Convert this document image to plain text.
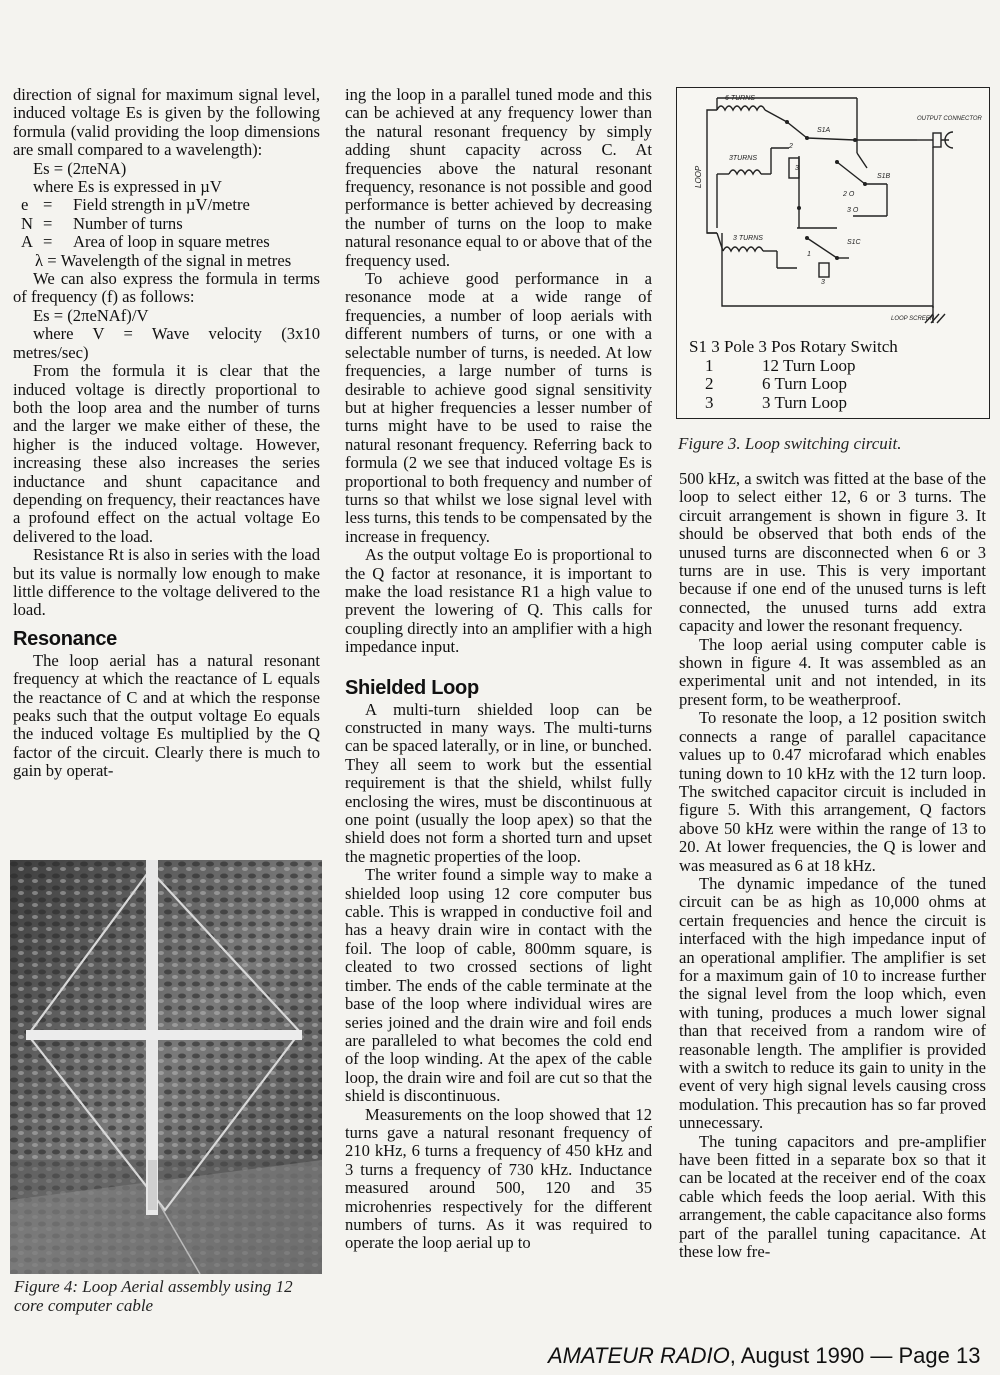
direction of signal for maximum signal level, induced voltage Es is given by the following formula (valid providing the loop dimensions are small compared to a wavelength):

Es = (2πeNA)

where Es is expressed in µV

e =	Field strength in µV/metre
N =	Number of turns
A =	Area of loop in square metres

λ = Wavelength of the signal in metres

We can also express the formula in terms of frequency (f) as follows:

Es = (2πeNAf)/V

where V = Wave velocity (3x10 metres/sec)

From the formula it is clear that the induced voltage is directly proportional to both the loop area and the number of turns and the larger we make either of these, the higher is the induced voltage. However, increasing these also increases the series inductance and shunt capacitance and depending on frequency, their reactances have a profound effect on the actual voltage Eo delivered to the load.

Resistance Rt is also in series with the load but its value is normally low enough to make little difference to the voltage delivered to the load.

Resonance

The loop aerial has a natural resonant frequency at which the reactance of L equals the reactance of C and at which the response peaks such that the output voltage Eo equals the induced voltage Es multiplied by the Q factor of the circuit. Clearly there is much to gain by operat-

Figure 4: Loop Aerial assembly using 12 core computer cable

ing the loop in a parallel tuned mode and this can be achieved at any frequency lower than the natural resonant frequency by simply adding shunt capacity across C. At frequencies above the natural resonant frequency, resonance is not possible and good performance is better achieved by decreasing the number of turns on the loop to make natural resonance equal to or above that of the frequency used.

To achieve good performance in a resonance mode at a wide range of frequencies, a number of loop aerials with different numbers of turns, or one with a selectable number of turns, is needed. At low frequencies, a large number of turns is desirable to achieve good signal sensitivity but at higher frequencies a lesser number of turns might have to be used to raise the natural resonant frequency. Referring back to formula (2 we see that induced voltage Es is proportional to both frequency and number of turns so that whilst we lose signal level with less turns, this tends to be compensated by the increase in frequency.

As the output voltage Eo is proportional to the Q factor at resonance, it is important to make the load resistance R1 a high value to prevent the lowering of Q. This calls for coupling directly into an amplifier with a high impedance input.

Shielded Loop

A multi-turn shielded loop can be constructed in many ways. The multi-turns can be spaced laterally, or in line, or bunched. They all seem to work but the essential requirement is that the shield, whilst fully enclosing the wires, must be discontinuous at one point (usually the loop apex) so that the shield does not form a shorted turn and upset the magnetic properties of the loop.

The writer found a simple way to make a shielded loop using 12 core computer bus cable. This is wrapped in conductive foil and has a heavy drain wire in contact with the foil. The loop of cable, 800mm square, is cleated to two crossed sections of light timber. The ends of the cable terminate at the base of the loop where individual wires are series joined and the drain wire and foil ends are paralleled to what becomes the cold end of the loop winding. At the apex of the cable loop, the drain wire and foil are cut so that the shield is discontinuous.

Measurements on the loop showed that 12 turns gave a natural resonant frequency of 210 kHz, 6 turns a frequency of 450 kHz and 3 turns a frequency of 730 kHz. Inductance measured around 500, 120 and 35 microhenries respectively for the different numbers of turns. As it was required to operate the loop aerial up to

6 TURNS
3TURNS
3 TURNS
S1A
S1B
S1C
2 O
3 O
2
3
1
3
OUTPUT CONNECTOR
LOOP SCREEN
LOOP
S1 3 Pole 3 Pos Rotary Switch
1	12 Turn Loop
2	6 Turn Loop
3	3 Turn Loop
Figure 3. Loop switching circuit.

500 kHz, a switch was fitted at the base of the loop to select either 12, 6 or 3 turns. The circuit arrangement is shown in figure 3. It should be observed that both ends of the unused turns are disconnected when 6 or 3 turns are in use. This is very important because if one end of the unused turns is left connected, the unused turns add extra capacity and lower the resonant frequency.

The loop aerial using computer cable is shown in figure 4. It was assembled as an experimental unit and not intended, in its present form, to be weatherproof.

To resonate the loop, a 12 position switch connects a range of parallel capacitance values up to 0.47 microfarad which enables tuning down to 10 kHz with the 12 turn loop. The switched capacitor circuit is included in figure 5. With this arrangement, Q factors above 50 kHz were within the range of 13 to 20. At lower frequencies, the Q is lower and was measured as 6 at 18 kHz.

The dynamic impedance of the tuned circuit can be as high as 10,000 ohms at certain frequencies and hence the circuit is interfaced with the high impedance input of an operational amplifier. The amplifier is set for a maximum gain of 10 to increase further the signal level from the loop which, even with tuning, produces a much lower signal than that received from a random wire of reasonable length. The amplifier is provided with a switch to reduce its gain to unity in the event of very high signal levels causing cross modulation. This precaution has so far proved unnecessary.

The tuning capacitors and pre-amplifier have been fitted in a separate box so that it can be located at the receiver end of the coax cable which feeds the loop aerial. With this arrangement, the cable capacitance also forms part of the parallel tuning capacitance. At these low fre-

AMATEUR RADIO, August 1990 — Page 13
